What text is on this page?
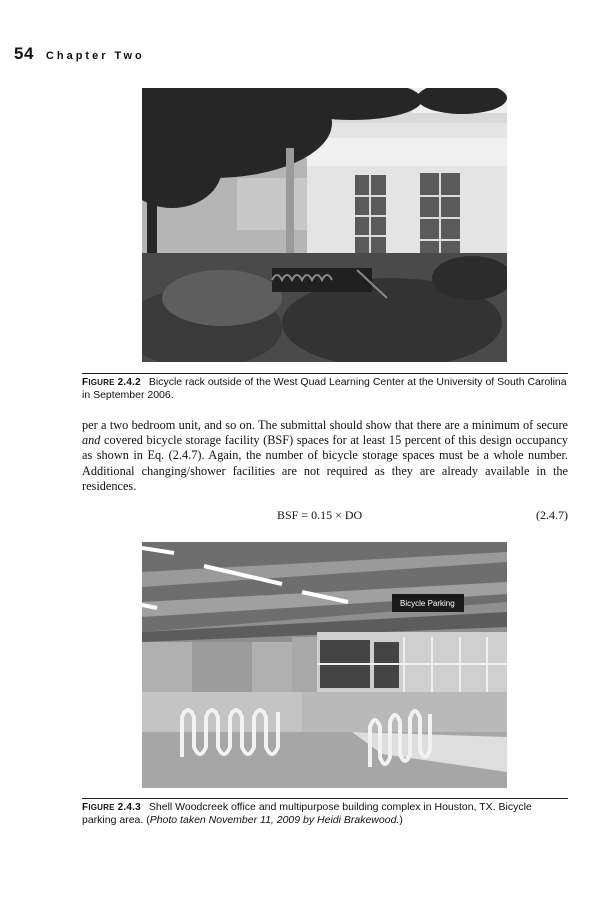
54 Chapter Two
FIGURE 2.4.2 Bicycle rack outside of the West Quad Learning Center at the University of South Carolina in September 2006.

per a two bedroom unit, and so on. The submittal should show that there are a minimum of secure and covered bicycle storage facility (BSF) spaces for at least 15 percent of this design occupancy as shown in Eq. (2.4.7). Again, the number of bicycle storage spaces must be a whole number. Additional changing/shower facilities are not required as they are already available in the residences.

BSF = 0.15 × DO	(2.4.7)
Bicycle Parking
FIGURE 2.4.3 Shell Woodcreek office and multipurpose building complex in Houston, TX. Bicycle parking area. (Photo taken November 11, 2009 by Heidi Brakewood.)
